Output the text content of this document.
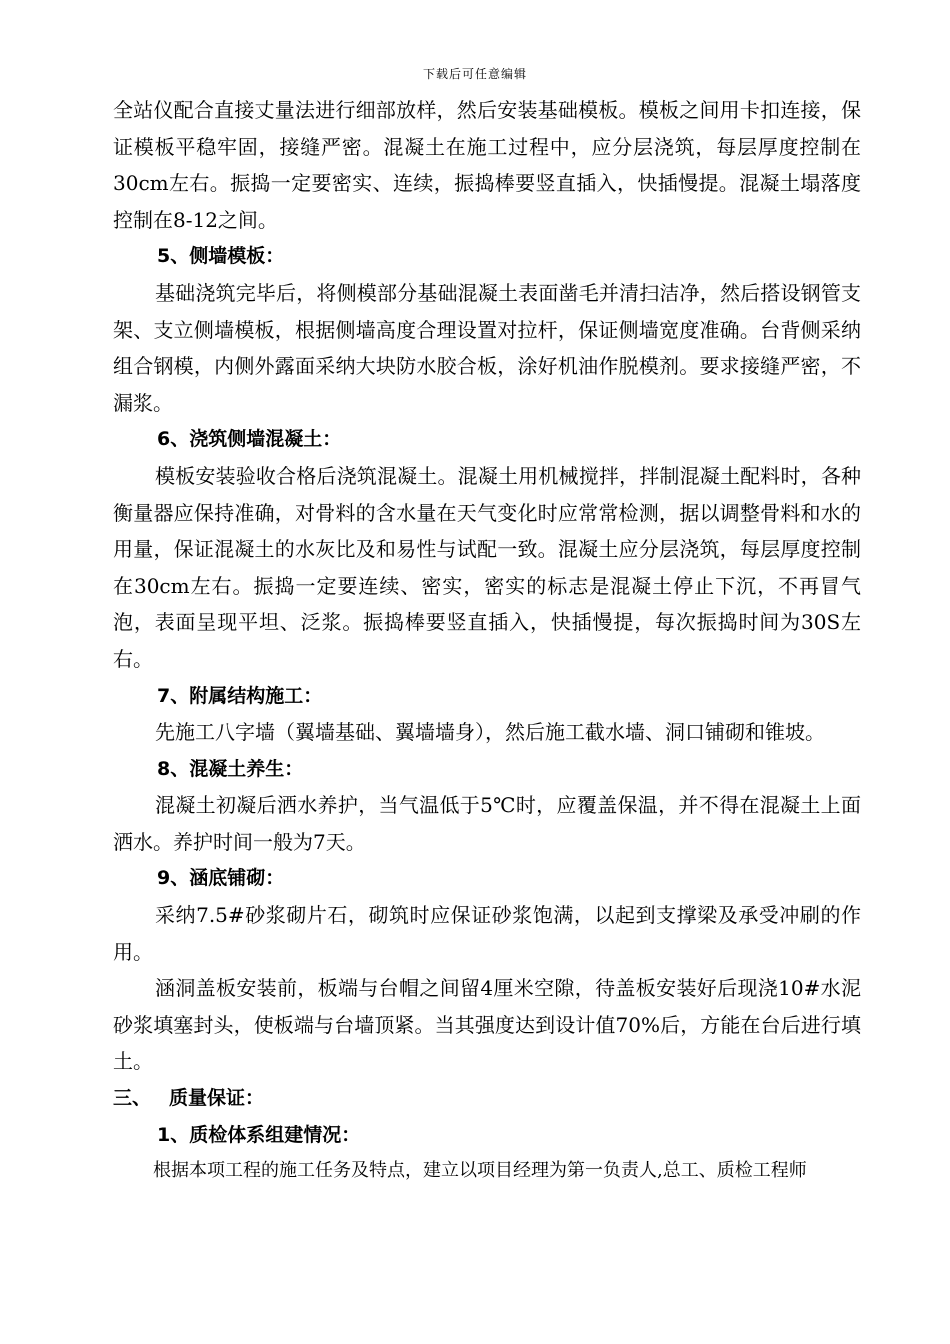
下载后可任意编辑

全站仪配合直接丈量法进行细部放样，然后安装基础模板。模板之间用卡扣连接，保证模板平稳牢固，接缝严密。混凝土在施工过程中，应分层浇筑，每层厚度控制在30cm左右。振捣一定要密实、连续，振捣棒要竖直插入，快插慢提。混凝土塌落度控制在8-12之间。

5、侧墙模板：

基础浇筑完毕后，将侧模部分基础混凝土表面凿毛并清扫洁净，然后搭设钢管支架、支立侧墙模板，根据侧墙高度合理设置对拉杆，保证侧墙宽度准确。台背侧采纳组合钢模，内侧外露面采纳大块防水胶合板，涂好机油作脱模剂。要求接缝严密，不漏浆。

6、浇筑侧墙混凝土：

模板安装验收合格后浇筑混凝土。混凝土用机械搅拌，拌制混凝土配料时，各种衡量器应保持准确，对骨料的含水量在天气变化时应常常检测，据以调整骨料和水的用量，保证混凝土的水灰比及和易性与试配一致。混凝土应分层浇筑，每层厚度控制在30cm左右。振捣一定要连续、密实，密实的标志是混凝土停止下沉，不再冒气泡，表面呈现平坦、泛浆。振捣棒要竖直插入，快插慢提，每次振捣时间为30S左右。

7、附属结构施工：

先施工八字墙（翼墙基础、翼墙墙身），然后施工截水墙、洞口铺砌和锥坡。

8、混凝土养生：

混凝土初凝后洒水养护，当气温低于5℃时，应覆盖保温，并不得在混凝土上面洒水。养护时间一般为7天。

9、涵底铺砌：

采纳7.5#砂浆砌片石，砌筑时应保证砂浆饱满，以起到支撑梁及承受冲刷的作用。

涵洞盖板安装前，板端与台帽之间留4厘米空隙，待盖板安装好后现浇10#水泥砂浆填塞封头，使板端与台墙顶紧。当其强度达到设计值70%后，方能在台后进行填土。

三、 质量保证：

1、质检体系组建情况：

根据本项工程的施工任务及特点，建立以项目经理为第一负责人,总工、质检工程师
